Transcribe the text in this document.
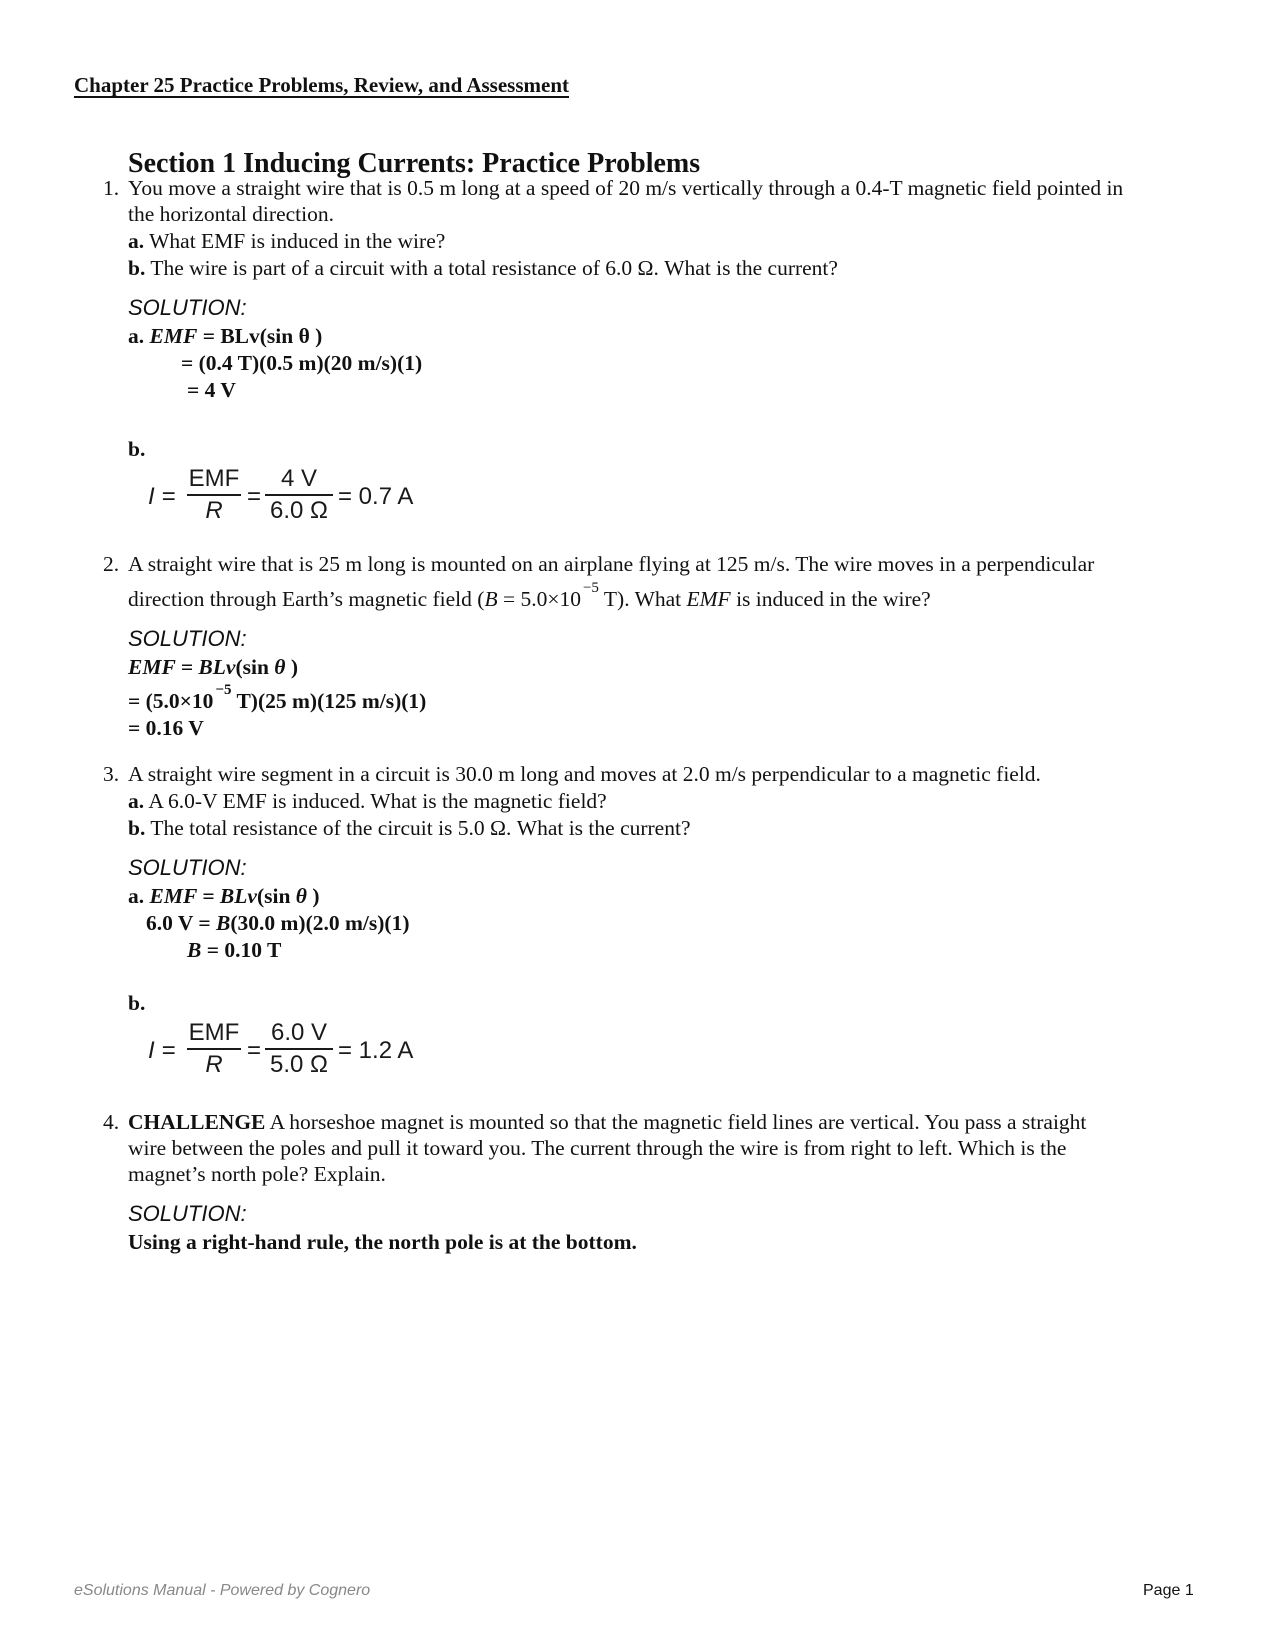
Chapter 25 Practice Problems, Review, and Assessment
Section 1 Inducing Currents: Practice Problems
1. You move a straight wire that is 0.5 m long at a speed of 20 m/s vertically through a 0.4-T magnetic field pointed in
the horizontal direction.
a. What EMF is induced in the wire?
b. The wire is part of a circuit with a total resistance of 6.0 Ω. What is the current?
SOLUTION:
a. EMF = BLv(sin θ )
= (0.4 T)(0.5 m)(20 m/s)(1)
= 4 V
b.
I =
EMF
R
=
4 V
6.0 Ω
= 0.7 A
2. A straight wire that is 25 m long is mounted on an airplane flying at 125 m/s. The wire moves in a perpendicular
direction through Earth’s magnetic field (B = 5.0×10 $^{-5}$ T). What EMF is induced in the wire?
SOLUTION:
EMF = BLv(sin θ )
= (5.0×10 $^{-5}$ T)(25 m)(125 m/s)(1)
= 0.16 V
3. A straight wire segment in a circuit is 30.0 m long and moves at 2.0 m/s perpendicular to a magnetic field.
a. A 6.0-V EMF is induced. What is the magnetic field?
b. The total resistance of the circuit is 5.0 Ω. What is the current?
SOLUTION:
a. EMF = BLv(sin θ )
6.0 V = B(30.0 m)(2.0 m/s)(1)
B = 0.10 T
b.
I =
EMF
R
=
6.0 V
5.0 Ω
= 1.2 A
4. CHALLENGE A horseshoe magnet is mounted so that the magnetic field lines are vertical. You pass a straight
wire between the poles and pull it toward you. The current through the wire is from right to left. Which is the
magnet’s north pole? Explain.
SOLUTION:
Using a right-hand rule, the north pole is at the bottom.
eSolutions Manual - Powered by Cognero	Page 1
